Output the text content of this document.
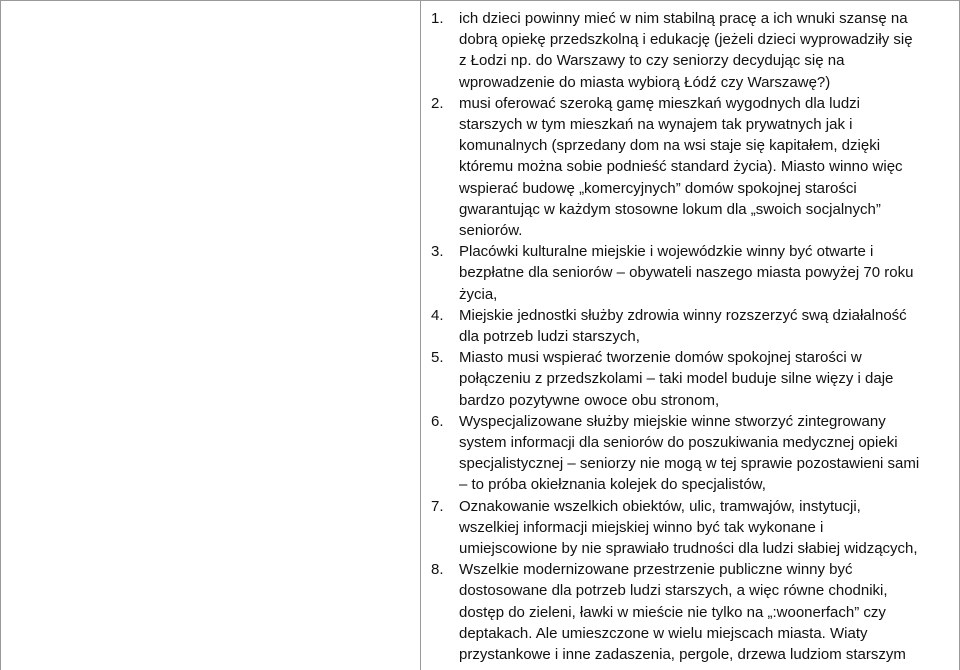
1.	ich dzieci powinny mieć w nim stabilną pracę a ich wnuki szansę na
dobrą opiekę przedszkolną i edukację (jeżeli dzieci wyprowadziły się
z Łodzi np. do Warszawy to czy seniorzy decydując się na
wprowadzenie do miasta wybiorą Łódź czy Warszawę?)
2.	musi oferować szeroką gamę mieszkań wygodnych dla ludzi
starszych w tym mieszkań na wynajem tak prywatnych jak i
komunalnych (sprzedany dom na wsi staje się kapitałem, dzięki
któremu można sobie podnieść standard życia). Miasto winno więc
wspierać budowę „komercyjnych” domów spokojnej starości
gwarantując w każdym stosowne lokum dla „swoich socjalnych”
seniorów.
3.	Placówki kulturalne miejskie i wojewódzkie winny być otwarte i
bezpłatne dla seniorów – obywateli naszego miasta powyżej 70 roku
życia,
4.	Miejskie jednostki służby zdrowia winny rozszerzyć swą działalność
dla potrzeb ludzi starszych,
5.	Miasto musi wspierać tworzenie domów spokojnej starości w
połączeniu z przedszkolami – taki model buduje silne więzy i daje
bardzo pozytywne owoce obu stronom,
6.	Wyspecjalizowane służby miejskie winne stworzyć zintegrowany
system informacji dla seniorów do poszukiwania medycznej opieki
specjalistycznej – seniorzy nie mogą w tej sprawie pozostawieni sami
– to próba okiełznania kolejek do specjalistów,
7.	Oznakowanie wszelkich obiektów, ulic, tramwajów, instytucji,
wszelkiej informacji miejskiej winno być tak wykonane i
umiejscowione by nie sprawiało trudności dla ludzi słabiej widzących,
8.	Wszelkie modernizowane przestrzenie publiczne winny być
dostosowane dla potrzeb ludzi starszych, a więc równe chodniki,
dostęp do zieleni, ławki w mieście nie tylko na „:woonerfach” czy
deptakach. Ale umieszczone w wielu miejscach miasta. Wiaty
przystankowe i inne zadaszenia, pergole, drzewa ludziom starszym
